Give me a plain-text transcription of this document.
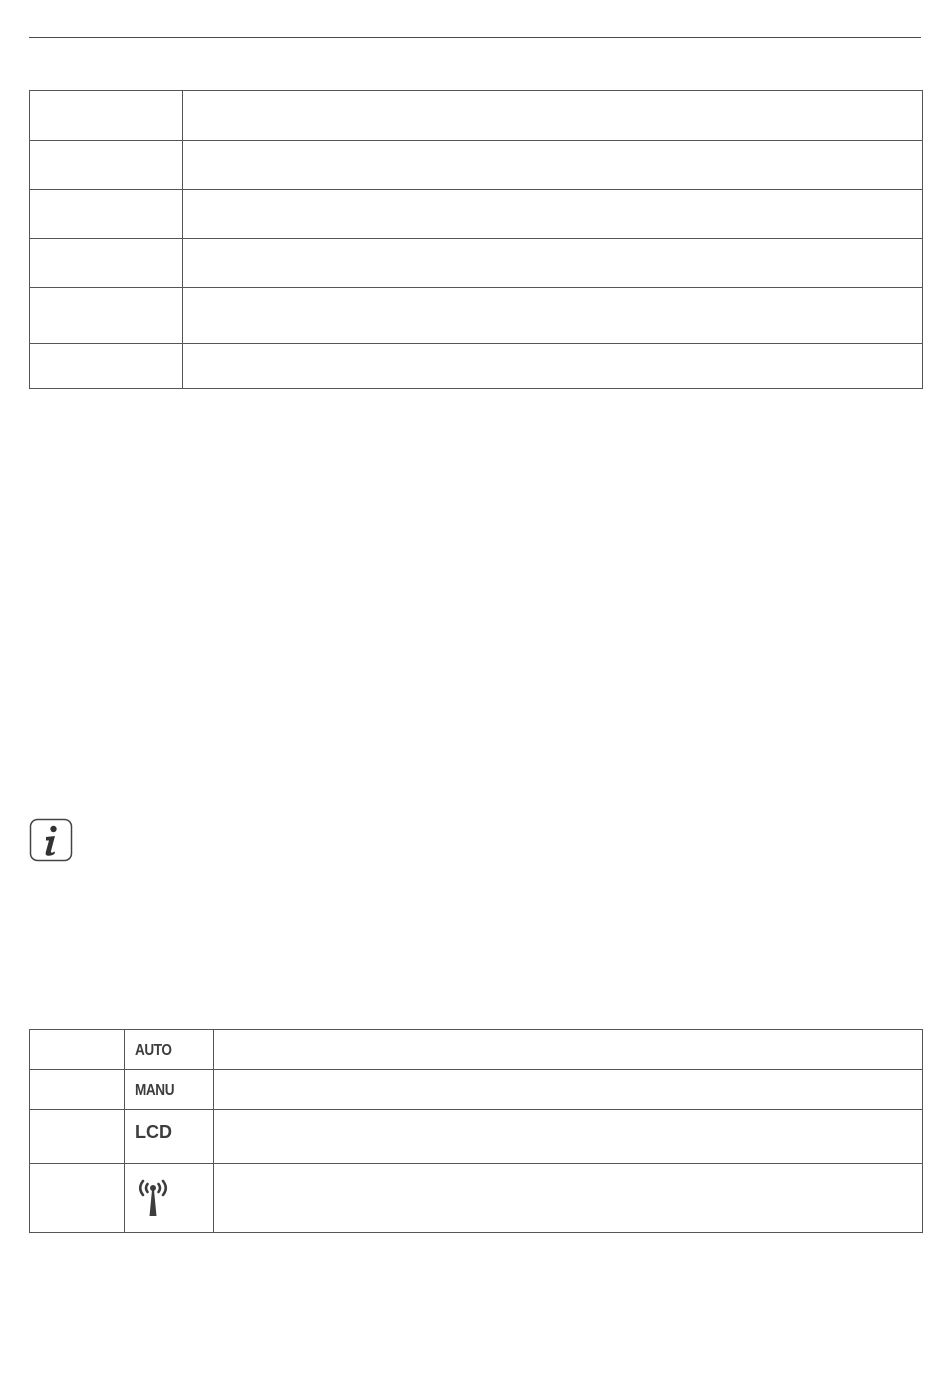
	AUTO	
	MANU	
	LCD	
